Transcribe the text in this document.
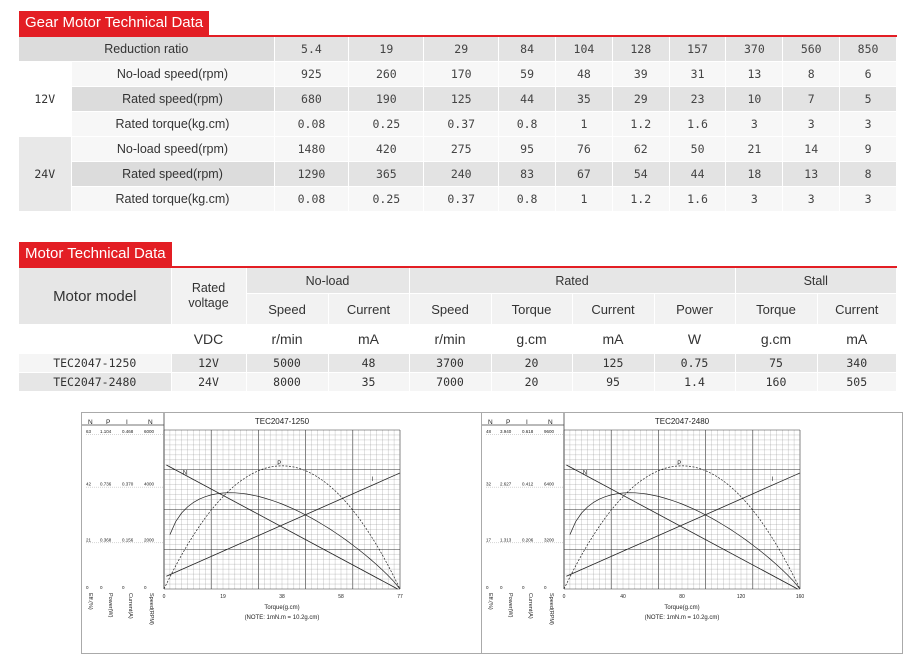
Gear Motor Technical Data
Reduction ratio		5.4	19	29	84	104	128	157	370	560	850
12V	No-load speed(rpm)	925	260	170	59	48	39	31	13	8	6
	Rated speed(rpm)	680	190	125	44	35	29	23	10	7	5
	Rated torque(kg.cm)	0.08	0.25	0.37	0.8	1	1.2	1.6	3	3	3
24V	No-load speed(rpm)	1480	420	275	95	76	62	50	21	14	9
	Rated speed(rpm)	1290	365	240	83	67	54	44	18	13	8
	Rated torque(kg.cm)	0.08	0.25	0.37	0.8	1	1.2	1.6	3	3	3
Motor Technical Data
Motor model	Rated voltage	No-load		Rated				Stall	
		Speed	Current	Speed	Torque	Current	Power	Torque	Current
	VDC	r/min	mA	r/min	g.cm	mA	W	g.cm	mA
TEC2047-1250	12V	5000	48	3700	20	125	0.75	75	340
TEC2047-2480	24V	8000	35	7000	20	95	1.4	160	505
N P I	N	TEC2047-1250
63
42
21
0
1.104
0.736
0.368
0
0.468
0.370
0.156
0
6000
4000
2000
0
0	19	38	58	77
Torque(g.cm)
(NOTE: 1mN.m = 10.2g.cm)
Eff.(%)	Power(W)	Current(A)	Speed(RPM)
N
P
I
N P I	N	TEC2047-2480
48
32
17
0
3.940
2.627
1.313
0
0.618
0.412
0.206
0
9600
6400
3200
0
0	40	80	120	160
Torque(g.cm)
(NOTE: 1mN.m = 10.2g.cm)
Eff.(%)	Power(W)	Current(A)	Speed(RPM)
N
P
I
